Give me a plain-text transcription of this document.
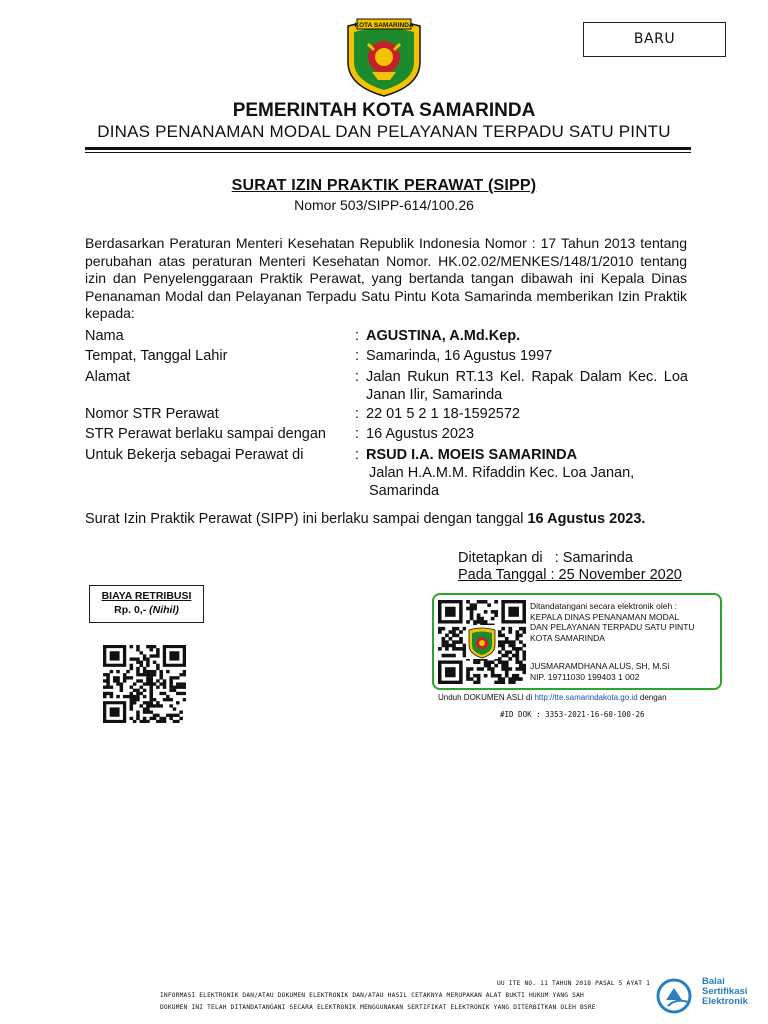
BARU
KOTA SAMARINDA
PEMERINTAH KOTA SAMARINDA
DINAS PENANAMAN MODAL DAN PELAYANAN TERPADU SATU PINTU
SURAT IZIN PRAKTIK PERAWAT (SIPP)
Nomor 503/SIPP-614/100.26
Berdasarkan Peraturan Menteri Kesehatan Republik Indonesia Nomor : 17 Tahun 2013 tentang perubahan atas peraturan Menteri Kesehatan Nomor. HK.02.02/MENKES/148/1/2010 tentang izin dan Penyelenggaraan Praktik Perawat, yang bertanda tangan dibawah ini Kepala Dinas Penanaman Modal dan Pelayanan Terpadu Satu Pintu Kota Samarinda memberikan Izin Praktik kepada:
Nama	: AGUSTINA, A.Md.Kep.
Tempat, Tanggal Lahir	: Samarinda, 16 Agustus 1997
Alamat	: Jalan Rukun RT.13 Kel. Rapak Dalam Kec. Loa Janan Ilir, Samarinda
Nomor STR Perawat	: 22 01 5 2 1 18-1592572
STR Perawat berlaku sampai dengan	: 16 Agustus 2023
Untuk Bekerja sebagai Perawat di	: RSUD I.A. MOEIS SAMARINDA
Jalan H.A.M.M. Rifaddin Kec. Loa Janan, Samarinda
Surat Izin Praktik Perawat (SIPP) ini berlaku sampai dengan tanggal 16 Agustus 2023.
Ditetapkan di   : Samarinda
Pada Tanggal : 25 November 2020
BIAYA RETRIBUSI
Rp. 0,- (Nihil)	Ditandatangani secara elektronik oleh :
KEPALA DINAS PENANAMAN MODAL
DAN PELAYANAN TERPADU SATU PINTU
KOTA SAMARINDA
JUSMARAMDHANA ALUS, SH, M.Si
NIP. 19711030 199403 1 002
Unduh DOKUMEN ASLI di http://tte.samarindakota.go.id dengan
#ID DOK : 3353-2021-16-60-100-26
UU ITE NO. 11 TAHUN 2018 PASAL 5 AYAT 1
INFORMASI ELEKTRONIK DAN/ATAU DOKUMEN ELEKTRONIK DAN/ATAU HASIL CETAKNYA MERUPAKAN ALAT BUKTI HUKUM YANG SAH
DOKUMEN INI TELAH DITANDATANGANI SECARA ELEKTRONIK MENGGUNAKAN SERTIFIKAT ELEKTRONIK YANG DITERBITKAN OLEH BSRE
Balai
Sertifikasi
Elektronik
